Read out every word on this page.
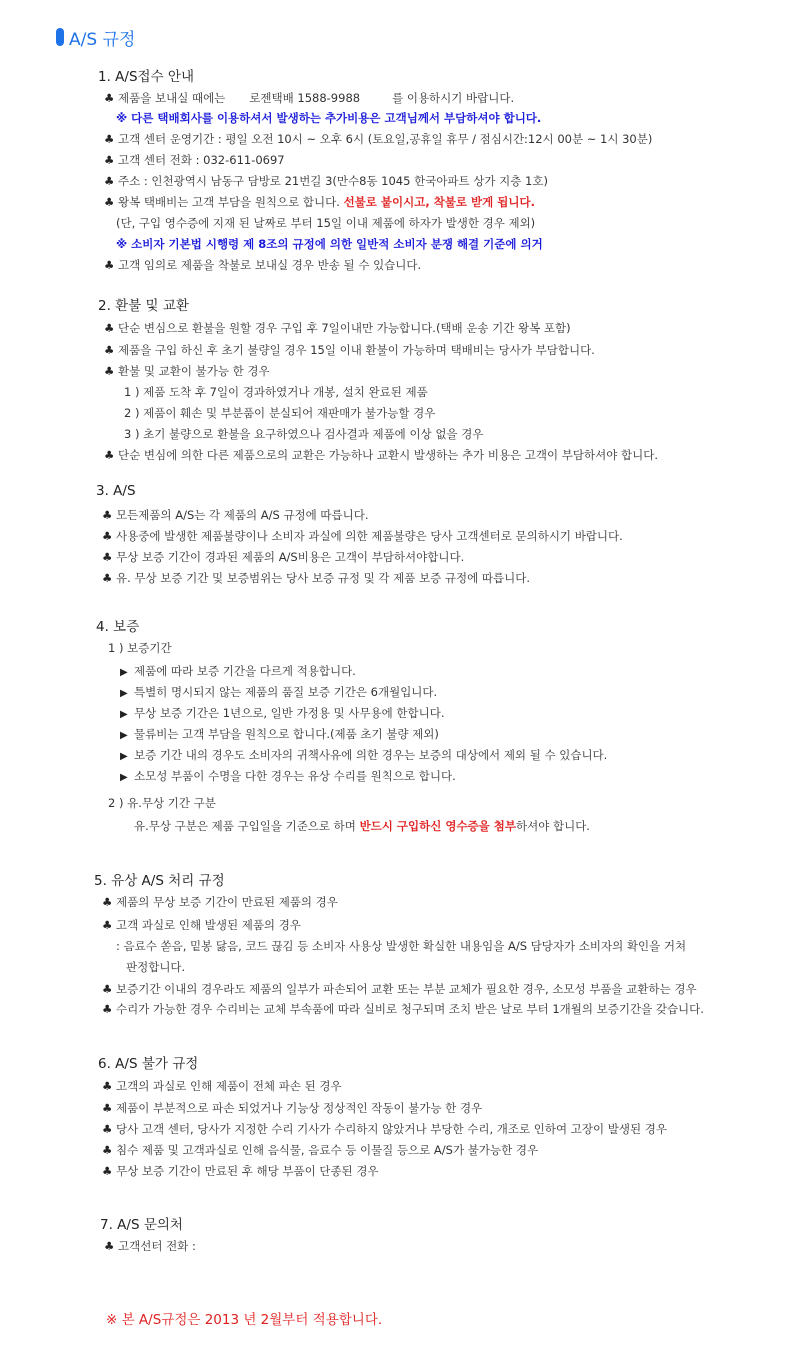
A/S 규정
1. A/S접수 안내
♣ 제품을 보내실 때에는 로젠택배 1588-9988	를 이용하시기 바랍니다.
※ 다른 택배회사를 이용하셔서 발생하는 추가비용은 고객님께서 부담하셔야 합니다.
♣ 고객 센터 운영기간 : 평일 오전 10시 ~ 오후 6시 (토요일,공휴일 휴무 / 점심시간:12시 00분 ~ 1시 30분)
♣ 고객 센터 전화 : 032-611-0697
♣ 주소 : 인천광역시 남동구 담방로 21번길 3(만수8동 1045 한국아파트 상가 지층 1호)
♣ 왕복 택배비는 고객 부담을 원칙으로 합니다. 선불로 붙이시고, 착불로 받게 됩니다.
(단, 구입 영수증에 지재 된 날짜로 부터 15일 이내 제품에 하자가 발생한 경우 제외)
※ 소비자 기본법 시행령 제 8조의 규정에 의한 일반적 소비자 분쟁 해결 기준에 의거
♣ 고객 임의로 제품을 착불로 보내실 경우 반송 될 수 있습니다.
2. 환불 및 교환
♣ 단순 변심으로 환불을 원할 경우 구입 후 7일이내만 가능합니다.(택배 운송 기간 왕복 포함)
♣ 제품을 구입 하신 후 초기 불량일 경우 15일 이내 환불이 가능하며 택배비는 당사가 부담합니다.
♣ 환불 및 교환이 불가능 한 경우
1 ) 제품 도착 후 7일이 경과하였거나 개봉, 설치 완료된 제품
2 ) 제품이 훼손 및 부분품이 분실되어 재판매가 불가능할 경우
3 ) 초기 불량으로 환불을 요구하였으나 검사결과 제품에 이상 없을 경우
♣ 단순 변심에 의한 다른 제품으로의 교환은 가능하나 교환시 발생하는 추가 비용은 고객이 부담하셔야 합니다.
3. A/S
♣ 모든제품의 A/S는 각 제품의 A/S 규정에 따릅니다.
♣ 사용중에 발생한 제품불량이나 소비자 과실에 의한 제품불량은 당사 고객센터로 문의하시기 바랍니다.
♣ 무상 보증 기간이 경과된 제품의 A/S비용은 고객이 부담하셔야합니다.
♣ 유. 무상 보증 기간 및 보증범위는 당사 보증 규정 및 각 제품 보증 규정에 따릅니다.
4. 보증
1 ) 보증기간
▶ 제품에 따라 보증 기간을 다르게 적용합니다.
▶ 특별히 명시되지 않는 제품의 품질 보증 기간은 6개월입니다.
▶ 무상 보증 기간은 1년으로, 일반 가정용 및 사무용에 한합니다.
▶ 물류비는 고객 부담을 원칙으로 합니다.(제품 초기 불량 제외)
▶ 보증 기간 내의 경우도 소비자의 귀책사유에 의한 경우는 보증의 대상에서 제외 될 수 있습니다.
▶ 소모성 부품이 수명을 다한 경우는 유상 수리를 원칙으로 합니다.
2 ) 유.무상 기간 구분
유.무상 구분은 제품 구입일을 기준으로 하며 반드시 구입하신 영수증을 첨부하셔야 합니다.
5. 유상 A/S 처리 규정
♣ 제품의 무상 보증 기간이 만료된 제품의 경우
♣ 고객 과실로 인해 발생된 제품의 경우
: 음료수 쏟음, 밑봉 닳음, 코드 끊김 등 소비자 사용상 발생한 확실한 내용임을 A/S 담당자가 소비자의 확인을 거쳐
판정합니다.
♣ 보증기간 이내의 경우라도 제품의 일부가 파손되어 교환 또는 부분 교체가 필요한 경우, 소모성 부품을 교환하는 경우
♣ 수리가 가능한 경우 수리비는 교체 부속품에 따라 실비로 청구되며 조치 받은 날로 부터 1개월의 보증기간을 갖습니다.
6. A/S 불가 규정
♣ 고객의 과실로 인해 제품이 전체 파손 된 경우
♣ 제품이 부분적으로 파손 되었거나 기능상 정상적인 작동이 불가능 한 경우
♣ 당사 고객 센터, 당사가 지정한 수리 기사가 수리하지 않았거나 부당한 수리, 개조로 인하여 고장이 발생된 경우
♣ 침수 제품 및 고객과실로 인해 음식물, 음료수 등 이물질 등으로 A/S가 불가능한 경우
♣ 무상 보증 기간이 만료된 후 해당 부품이 단종된 경우
7. A/S 문의처
♣ 고객선터 전화 :
※ 본 A/S규정은 2013 년 2월부터 적용합니다.
